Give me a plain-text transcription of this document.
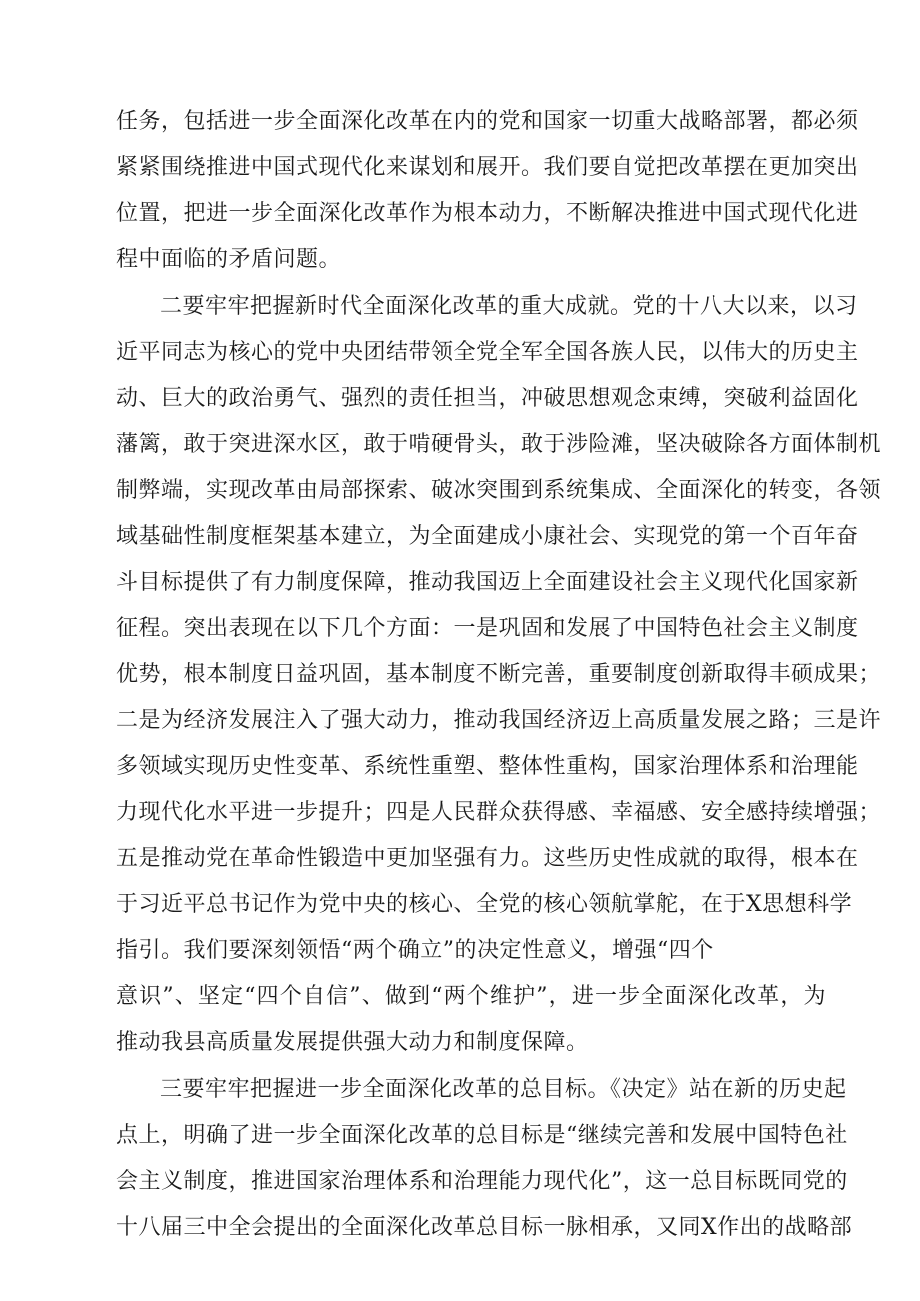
任务，包括进一步全面深化改革在内的党和国家一切重大战略部署，都必须
紧紧围绕推进中国式现代化来谋划和展开。我们要自觉把改革摆在更加突出
位置，把进一步全面深化改革作为根本动力，不断解决推进中国式现代化进
程中面临的矛盾问题。
二要牢牢把握新时代全面深化改革的重大成就。党的十八大以来，以习
近平同志为核心的党中央团结带领全党全军全国各族人民，以伟大的历史主
动、巨大的政治勇气、强烈的责任担当，冲破思想观念束缚，突破利益固化
藩篱，敢于突进深水区，敢于啃硬骨头，敢于涉险滩，坚决破除各方面体制机
制弊端，实现改革由局部探索、破冰突围到系统集成、全面深化的转变，各领
域基础性制度框架基本建立，为全面建成小康社会、实现党的第一个百年奋
斗目标提供了有力制度保障，推动我国迈上全面建设社会主义现代化国家新
征程。突出表现在以下几个方面：一是巩固和发展了中国特色社会主义制度
优势，根本制度日益巩固，基本制度不断完善，重要制度创新取得丰硕成果；
二是为经济发展注入了强大动力，推动我国经济迈上高质量发展之路；三是许
多领域实现历史性变革、系统性重塑、整体性重构，国家治理体系和治理能
力现代化水平进一步提升；四是人民群众获得感、幸福感、安全感持续增强；
五是推动党在革命性锻造中更加坚强有力。这些历史性成就的取得，根本在
于习近平总书记作为党中央的核心、全党的核心领航掌舵，在于X思想科学
指引。我们要深刻领悟“两个确立”的决定性意义，增强“四个
意识”、坚定“四个自信”、做到“两个维护”，进一步全面深化改革，为
推动我县高质量发展提供强大动力和制度保障。
三要牢牢把握进一步全面深化改革的总目标。《决定》站在新的历史起
点上，明确了进一步全面深化改革的总目标是“继续完善和发展中国特色社
会主义制度，推进国家治理体系和治理能力现代化”，这一总目标既同党的
十八届三中全会提出的全面深化改革总目标一脉相承，又同X作出的战略部
